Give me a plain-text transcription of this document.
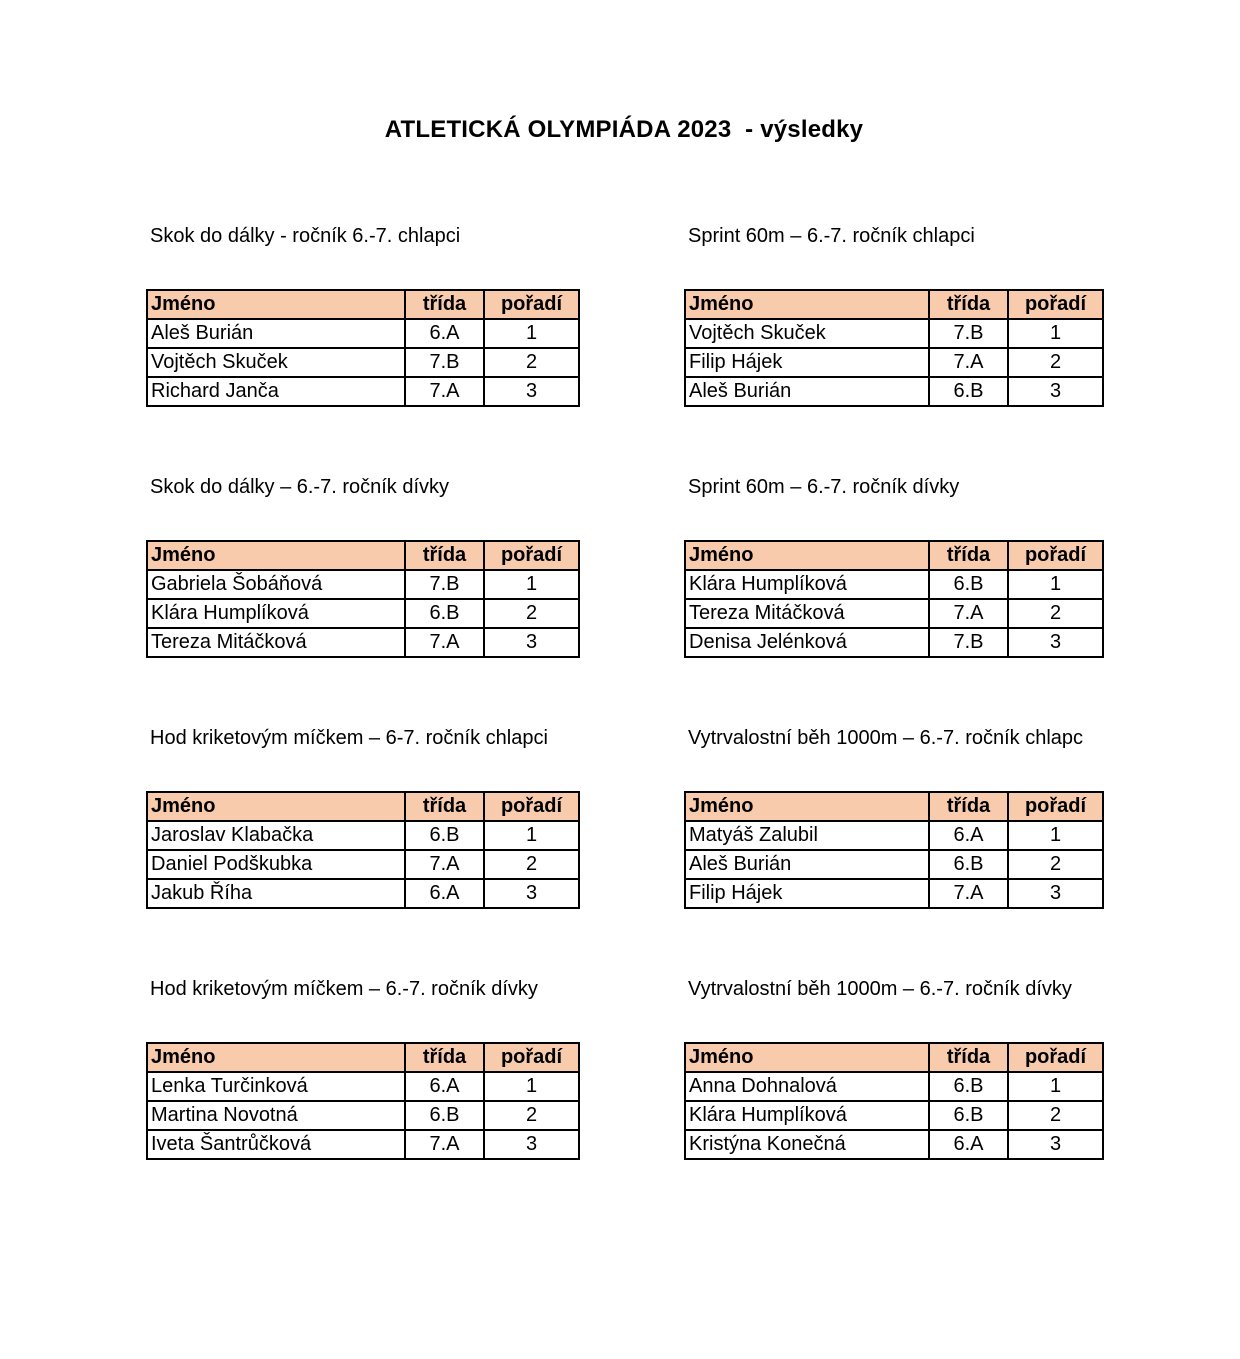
ATLETICKÁ OLYMPIÁDA 2023  - výsledky
Skok do dálky - ročník 6.-7. chlapci
Jméno	třída	pořadí
Aleš Burián	6.A	1
Vojtěch Skuček	7.B	2
Richard Janča	7.A	3
Sprint 60m – 6.-7. ročník chlapci
Jméno	třída	pořadí
Vojtěch Skuček	7.B	1
Filip Hájek	7.A	2
Aleš Burián	6.B	3
Skok do dálky – 6.-7. ročník dívky
Jméno	třída	pořadí
Gabriela Šobáňová	7.B	1
Klára Humplíková	6.B	2
Tereza Mitáčková	7.A	3
Sprint 60m – 6.-7. ročník dívky
Jméno	třída	pořadí
Klára Humplíková	6.B	1
Tereza Mitáčková	7.A	2
Denisa Jelénková	7.B	3
Hod kriketovým míčkem – 6-7. ročník chlapci
Jméno	třída	pořadí
Jaroslav Klabačka	6.B	1
Daniel Podškubka	7.A	2
Jakub Říha	6.A	3
Vytrvalostní běh 1000m – 6.-7. ročník chlapc
Jméno	třída	pořadí
Matyáš Zalubil	6.A	1
Aleš Burián	6.B	2
Filip Hájek	7.A	3
Hod kriketovým míčkem – 6.-7. ročník dívky
Jméno	třída	pořadí
Lenka Turčinková	6.A	1
Martina Novotná	6.B	2
Iveta Šantrůčková	7.A	3
Vytrvalostní běh 1000m – 6.-7. ročník dívky
Jméno	třída	pořadí
Anna Dohnalová	6.B	1
Klára Humplíková	6.B	2
Kristýna Konečná	6.A	3
